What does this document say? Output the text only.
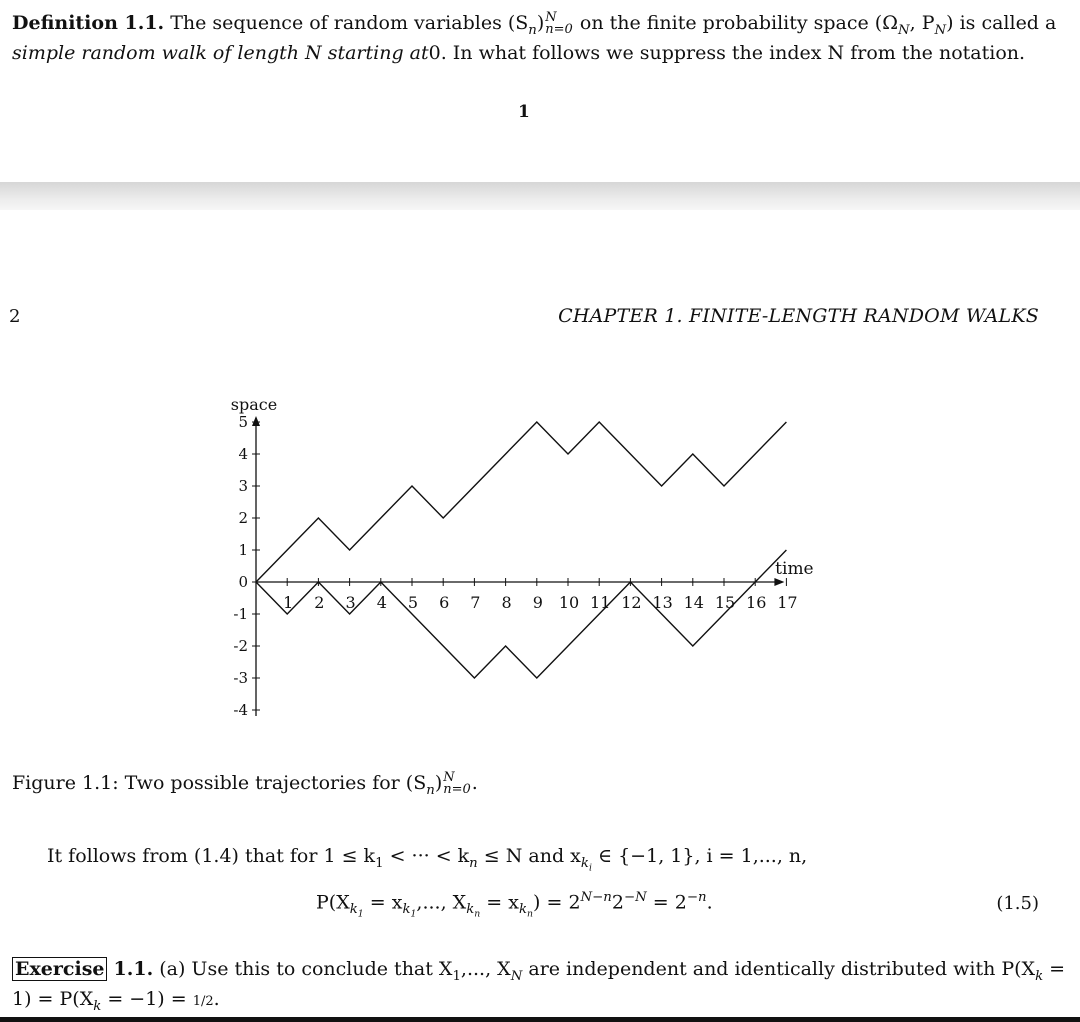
Definition 1.1. The sequence of random variables $(S_n)$ N
n=0 on the finite probability space ($\Omega_N$, $P_N$) is called a
simple random walk of length N starting at0. In what follows we suppress the index N from the notation.
1
2	CHAPTER 1. FINITE-LENGTH RANDOM WALKS
5
4
3
2
1
0
-1
-2
-3
-4
1 2 3 4 5 6 7 8 9 10 11 12 13 14 15 16 17
space
time
Figure 1.1: Two possible trajectories for $(S_n)$ N
n=0 .
It follows from (1.4) that for $1 \le k_1$ < ··· < $k_n \le N$ and $x_{k_i}$ ∈ {−1, 1}, i = 1,..., n,
$P(X_{k_1} = x_{k_1}$,..., $X_{k_n} = x_{k_n}) = 2^{N-n}2^{-N} = 2^{-n}$.	(1.5)
Exercise 1.1. (a) Use this to conclude that $X_1$,..., $X_N$ are independent and identically distributed with $P(X_k$ =
$1) = P(X_k = -1) = 1/2$.
